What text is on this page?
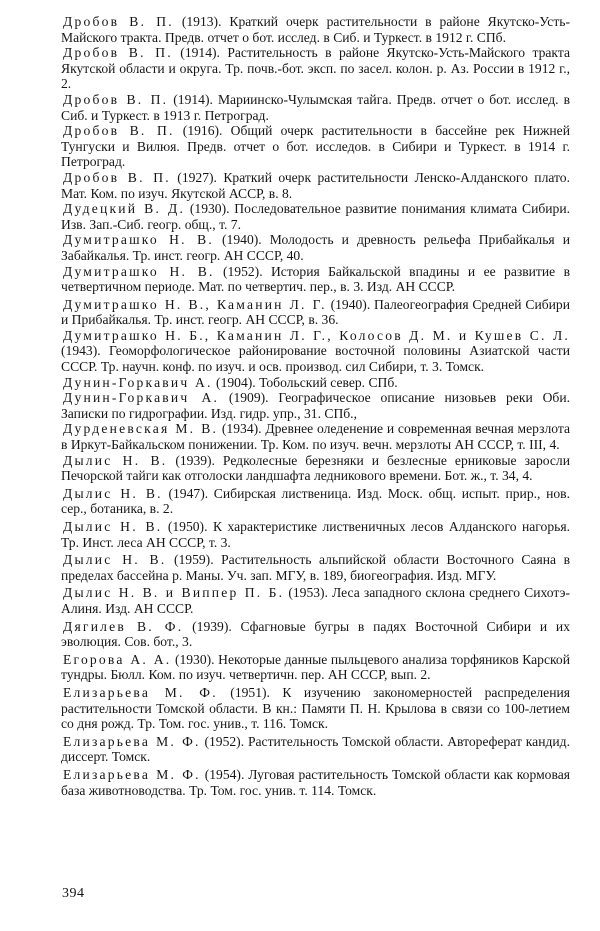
Дробов В. П. (1913). Краткий очерк растительности в районе Якутско-Усть-Майского тракта. Предв. отчет о бот. исслед. в Сиб. и Туркест. в 1912 г. СПб.
Дробов В. П. (1914). Растительность в районе Якутско-Усть-Майского тракта Якутской области и округа. Тр. почв.-бот. эксп. по засел. колон. р. Аз. России в 1912 г., 2.
Дробов В. П. (1914). Мариинско-Чулымская тайга. Предв. отчет о бот. исслед. в Сиб. и Туркест. в 1913 г. Петроград.
Дробов В. П. (1916). Общий очерк растительности в бассейне рек Нижней Тунгуски и Вилюя. Предв. отчет о бот. исследов. в Сибири и Туркест. в 1914 г. Петроград.
Дробов В. П. (1927). Краткий очерк растительности Ленско-Алданского плато. Мат. Ком. по изуч. Якутской АССР, в. 8.
Дудецкий В. Д. (1930). Последовательное развитие понимания климата Сибири. Изв. Зап.-Сиб. геогр. общ., т. 7.
Думитрашко Н. В. (1940). Молодость и древность рельефа Прибайкалья и Забайкалья. Тр. инст. геогр. АН СССР, 40.
Думитрашко Н. В. (1952). История Байкальской впадины и ее развитие в четвертичном периоде. Мат. по четвертич. пер., в. 3. Изд. АН СССР.
Думитрашко Н. В., Каманин Л. Г. (1940). Палеогеография Средней Сибири и Прибайкалья. Тр. инст. геогр. АН СССР, в. 36.
Думитрашко Н. Б., Каманин Л. Г., Колосов Д. М. и Кушев С. Л. (1943). Геоморфологическое районирование восточной половины Азиатской части СССР. Тр. научн. конф. по изуч. и осв. производ. сил Сибири, т. 3. Томск.
Дунин-Горкавич А. (1904). Тобольский север. СПб.
Дунин-Горкавич А. (1909). Географическое описание низовьев реки Оби. Записки по гидрографии. Изд. гидр. упр., 31. СПб.,
Дурденевская М. В. (1934). Древнее оледенение и современная вечная мерзлота в Иркут-Байкальском понижении. Тр. Ком. по изуч. вечн. мерзлоты АН СССР, т. III, 4.
Дылис Н. В. (1939). Редколесные березняки и безлесные ерниковые заросли Печорской тайги как отголоски ландшафта ледникового времени. Бот. ж., т. 34, 4.
Дылис Н. В. (1947). Сибирская лиственица. Изд. Моск. общ. испыт. прир., нов. сер., ботаника, в. 2.
Дылис Н. В. (1950). К характеристике лиственичных лесов Алданского нагорья. Тр. Инст. леса АН СССР, т. 3.
Дылис Н. В. (1959). Растительность альпийской области Восточного Саяна в пределах бассейна р. Маны. Уч. зап. МГУ, в. 189, биогеография. Изд. МГУ.
Дылис Н. В. и Виппер П. Б. (1953). Леса западного склона среднего Сихотэ-Алиня. Изд. АН СССР.
Дягилев В. Ф. (1939). Сфагновые бугры в падях Восточной Сибири и их эволюция. Сов. бот., 3.
Егорова А. А. (1930). Некоторые данные пыльцевого анализа торфяников Карской тундры. Бюлл. Ком. по изуч. четвертичн. пер. АН СССР, вып. 2.
Елизарьева М. Ф. (1951). К изучению закономерностей распределения растительности Томской области. В кн.: Памяти П. Н. Крылова в связи со 100-летием со дня рожд. Тр. Том. гос. унив., т. 116. Томск.
Елизарьева М. Ф. (1952). Растительность Томской области. Автореферат кандид. диссерт. Томск.
Елизарьева М. Ф. (1954). Луговая растительность Томской области как кормовая база животноводства. Тр. Том. гос. унив. т. 114. Томск.
394
